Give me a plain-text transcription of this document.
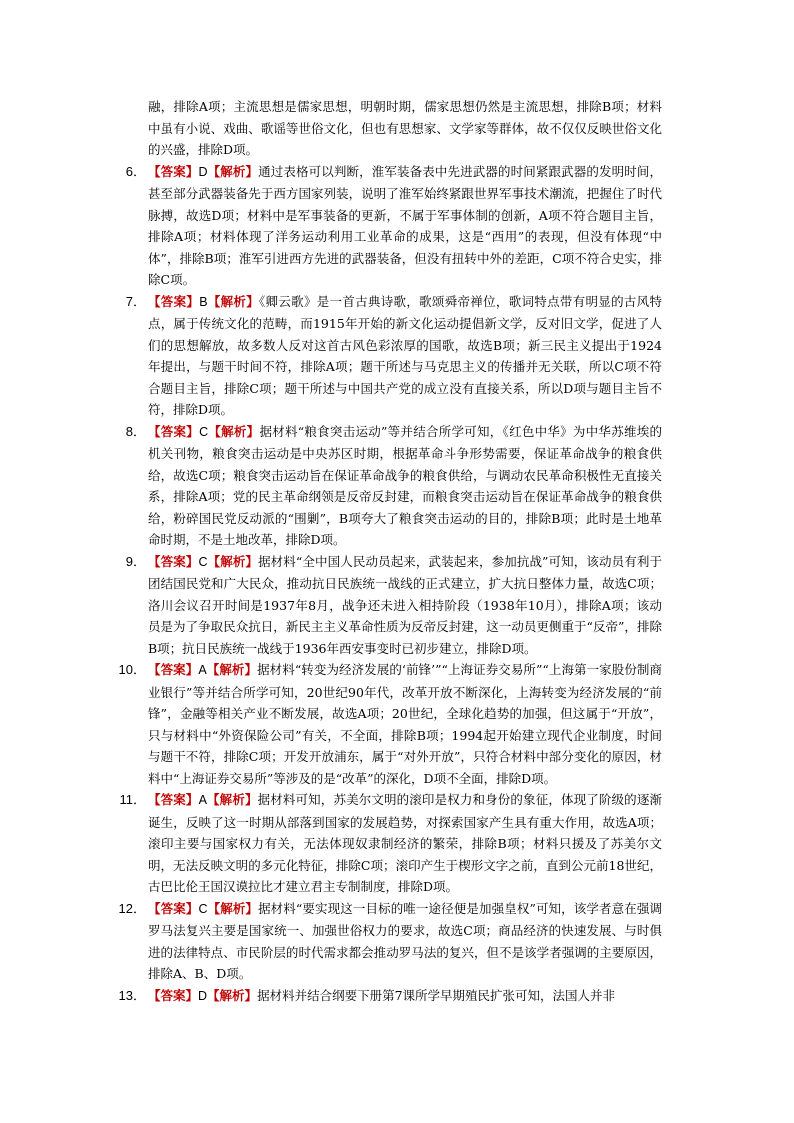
融，排除A项；主流思想是儒家思想，明朝时期，儒家思想仍然是主流思想，排除B项；材料中虽有小说、戏曲、歌谣等世俗文化，但也有思想家、文学家等群体，故不仅仅反映世俗文化的兴盛，排除D项。
6． 【答案】D【解析】通过表格可以判断，淮军装备表中先进武器的时间紧跟武器的发明时间，甚至部分武器装备先于西方国家列装，说明了淮军始终紧跟世界军事技术潮流，把握住了时代脉搏，故选D项；材料中是军事装备的更新，不属于军事体制的创新，A项不符合题目主旨，排除A项；材料体现了洋务运动利用工业革命的成果，这是“西用”的表现，但没有体现“中体”，排除B项；淮军引进西方先进的武器装备，但没有扭转中外的差距，C项不符合史实，排除C项。
7． 【答案】B【解析】《卿云歌》是一首古典诗歌，歌颂舜帝禅位，歌词特点带有明显的古风特点，属于传统文化的范畴，而1915年开始的新文化运动提倡新文学，反对旧文学，促进了人们的思想解放，故多数人反对这首古风色彩浓厚的国歌，故选B项；新三民主义提出于1924年提出，与题干时间不符，排除A项；题干所述与马克思主义的传播并无关联，所以C项不符合题目主旨，排除C项；题干所述与中国共产党的成立没有直接关系，所以D项与题目主旨不符，排除D项。
8． 【答案】C【解析】据材料“粮食突击运动”等并结合所学可知，《红色中华》为中华苏维埃的机关刊物，粮食突击运动是中央苏区时期，根据革命斗争形势需要，保证革命战争的粮食供给，故选C项；粮食突击运动旨在保证革命战争的粮食供给，与调动农民革命积极性无直接关系，排除A项；党的民主革命纲领是反帝反封建，而粮食突击运动旨在保证革命战争的粮食供给，粉碎国民党反动派的“围剿”，B项夸大了粮食突击运动的目的，排除B项；此时是土地革命时期，不是土地改革，排除D项。
9． 【答案】C【解析】据材料“全中国人民动员起来，武装起来，参加抗战”可知，该动员有利于团结国民党和广大民众，推动抗日民族统一战线的正式建立，扩大抗日整体力量，故选C项；洛川会议召开时间是1937年8月，战争还未进入相持阶段（1938年10月），排除A项；该动员是为了争取民众抗日，新民主主义革命性质为反帝反封建，这一动员更侧重于“反帝”，排除B项；抗日民族统一战线于1936年西安事变时已初步建立，排除D项。
10． 【答案】A【解析】据材料“转变为经济发展的‘前锋’”“上海证券交易所”“上海第一家股份制商业银行”等并结合所学可知，20世纪90年代，改革开放不断深化，上海转变为经济发展的“前锋”，金融等相关产业不断发展，故选A项；20世纪，全球化趋势的加强，但这属于“开放”，只与材料中“外资保险公司”有关，不全面，排除B项；1994起开始建立现代企业制度，时间与题干不符，排除C项；开发开放浦东，属于“对外开放”，只符合材料中部分变化的原因，材料中“上海证券交易所”等涉及的是“改革”的深化，D项不全面，排除D项。
11． 【答案】A【解析】据材料可知，苏美尔文明的滚印是权力和身份的象征，体现了阶级的逐渐诞生，反映了这一时期从部落到国家的发展趋势，对探索国家产生具有重大作用，故选A项；滚印主要与国家权力有关，无法体现奴隶制经济的繁荣，排除B项；材料只援及了苏美尔文明，无法反映文明的多元化特征，排除C项；滚印产生于楔形文字之前，直到公元前18世纪，古巴比伦王国汉谟拉比才建立君主专制制度，排除D项。
12． 【答案】C【解析】据材料“要实现这一目标的唯一途径便是加强皇权”可知，该学者意在强调罗马法复兴主要是国家统一、加强世俗权力的要求，故选C项；商品经济的快速发展、与时俱进的法律特点、市民阶层的时代需求都会推动罗马法的复兴，但不是该学者强调的主要原因，排除A、B、D项。
13． 【答案】D【解析】据材料并结合纲要下册第7课所学早期殖民扩张可知，法国人并非
